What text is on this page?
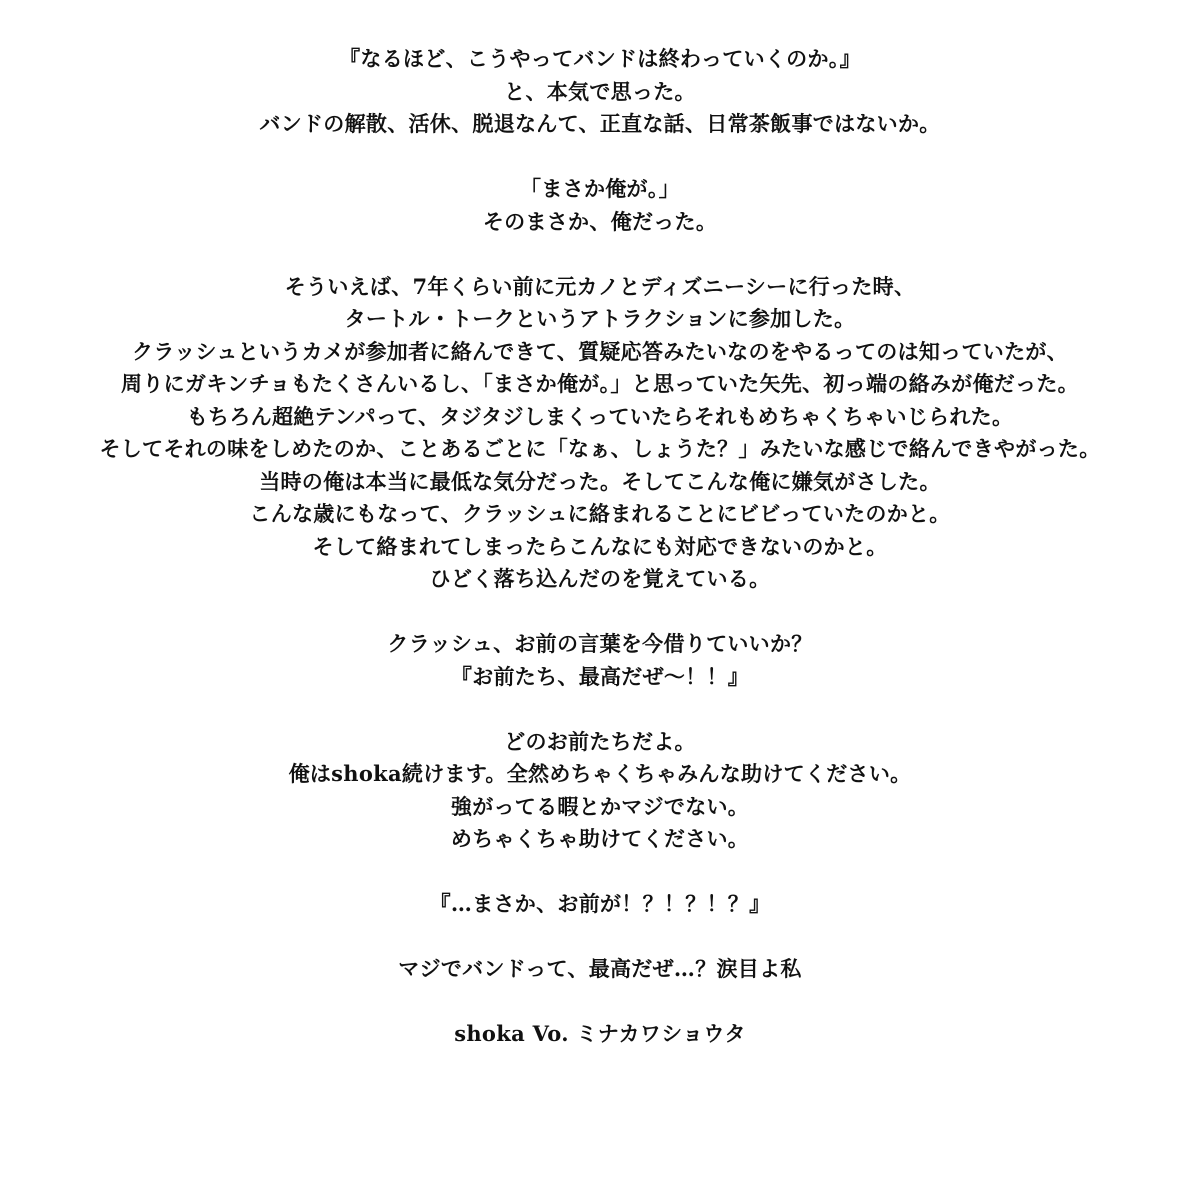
『なるほど、こうやってバンドは終わっていくのか。』
と、本気で思った。
バンドの解散、活休、脱退なんて、正直な話、日常茶飯事ではないか。
「まさか俺が。」
そのまさか、俺だった。
そういえば、7年くらい前に元カノとディズニーシーに行った時、
タートル・トークというアトラクションに参加した。
クラッシュというカメが参加者に絡んできて、質疑応答みたいなのをやるってのは知っていたが、
周りにガキンチョもたくさんいるし、「まさか俺が。」と思っていた矢先、初っ端の絡みが俺だった。
もちろん超絶テンパって、タジタジしまくっていたらそれもめちゃくちゃいじられた。
そしてそれの味をしめたのか、ことあるごとに「なぁ、しょうた？」みたいな感じで絡んできやがった。
当時の俺は本当に最低な気分だった。そしてこんな俺に嫌気がさした。
こんな歳にもなって、クラッシュに絡まれることにビビっていたのかと。
そして絡まれてしまったらこんなにも対応できないのかと。
ひどく落ち込んだのを覚えている。
クラッシュ、お前の言葉を今借りていいか？
『お前たち、最高だぜ〜！！』
どのお前たちだよ。
俺はshoka続けます。全然めちゃくちゃみんな助けてください。
強がってる暇とかマジでない。
めちゃくちゃ助けてください。
『…まさか、お前が！？！？！？』
マジでバンドって、最高だぜ…？涙目よ私
shoka Vo. ミナカワショウタ
